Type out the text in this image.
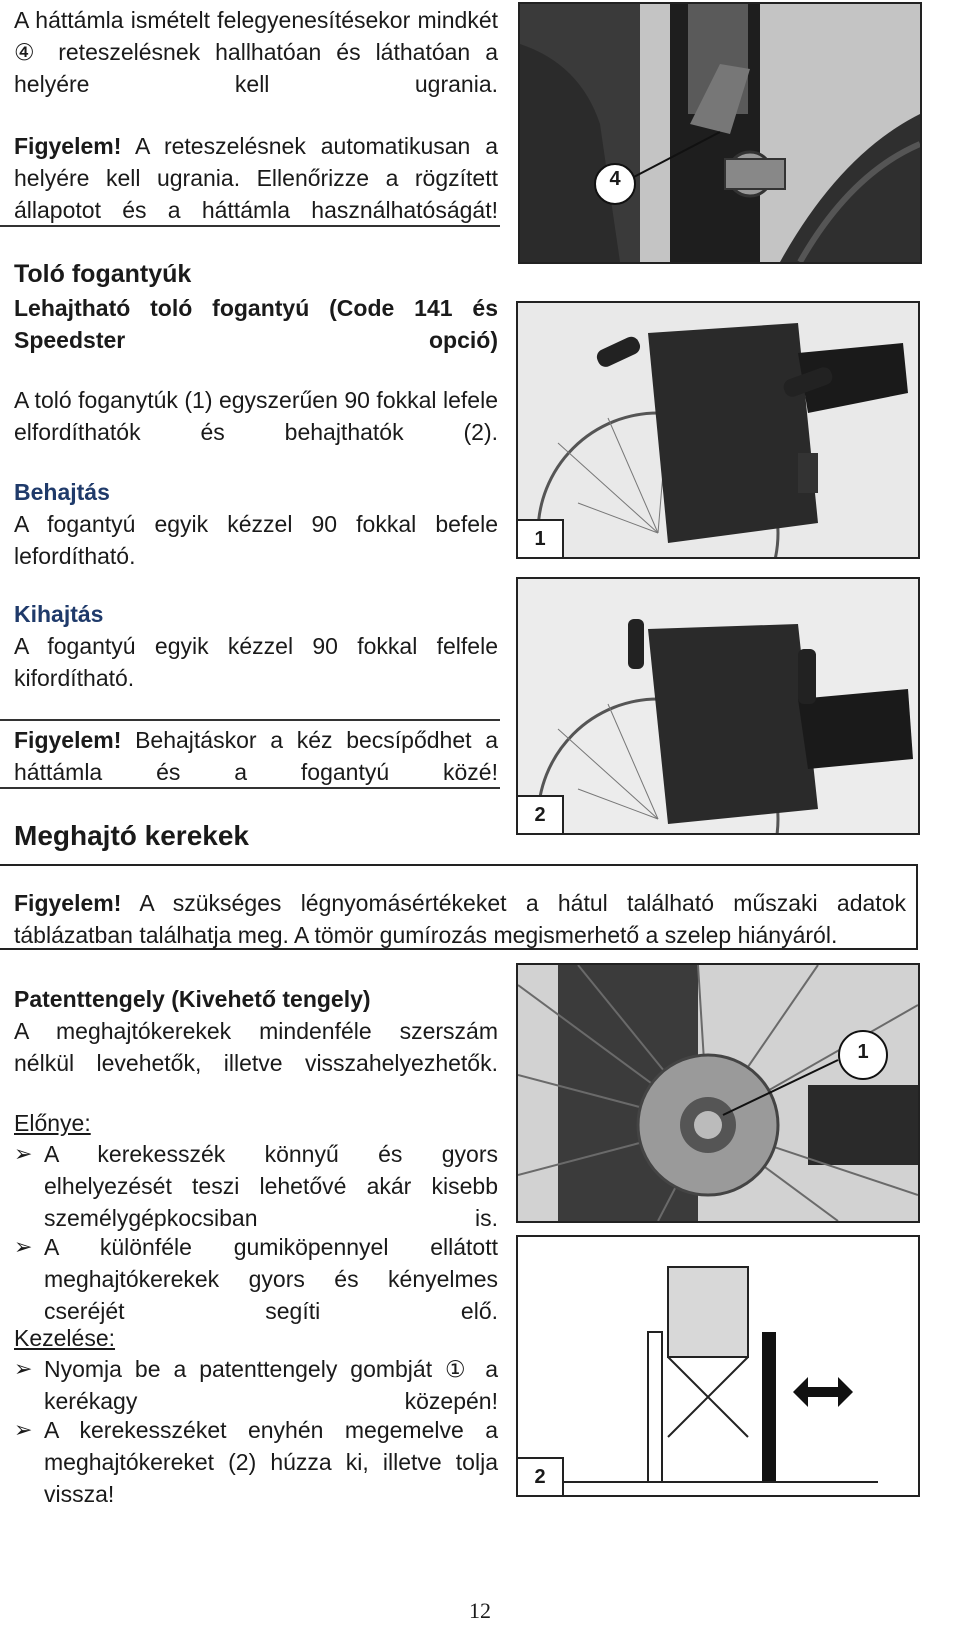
A háttámla ismételt felegyenesítésekor mindkét ④ reteszelésnek hallhatóan és láthatóan a helyére kell ugrania.
Figyelem! A reteszelésnek automatikusan a helyére kell ugrania. Ellenőrizze a rögzített állapotot és a háttámla használhatóságát!
Toló fogantyúk
Lehajtható toló fogantyú (Code 141 és Speedster opció)
A toló foganytúk (1) egyszerűen 90 fokkal lefele elfordíthatók és behajthatók (2).
Behajtás
A fogantyú egyik kézzel 90 fokkal befele lefordítható.
Kihajtás
A fogantyú egyik kézzel 90 fokkal felfele kifordítható.
Figyelem! Behajtáskor a kéz becsípődhet a háttámla és a fogantyú közé!
Meghajtó kerekek
Figyelem! A szükséges légnyomásértékeket a hátul található műszaki adatok táblázatban találhatja meg. A tömör gumírozás megismerhető a szelep hiányáról.
Patenttengely (Kivehető tengely)
A meghajtókerekek mindenféle szerszám nélkül levehetők, illetve visszahelyezhetők.
Előnye:
➢ A kerekesszék könnyű és gyors elhelyezését teszi lehetővé akár kisebb személygépkocsiban is.
➢ A különféle gumiköpennyel ellátott meghajtókerekek gyors és kényelmes cseréjét segíti elő.
Kezelése:
➢ Nyomja be a patenttengely gombját ① a kerékagy közepén!
➢ A kerekesszéket enyhén megemelve a meghajtókereket (2) húzza ki, illetve tolja vissza!
4
1
2
1
2
12
